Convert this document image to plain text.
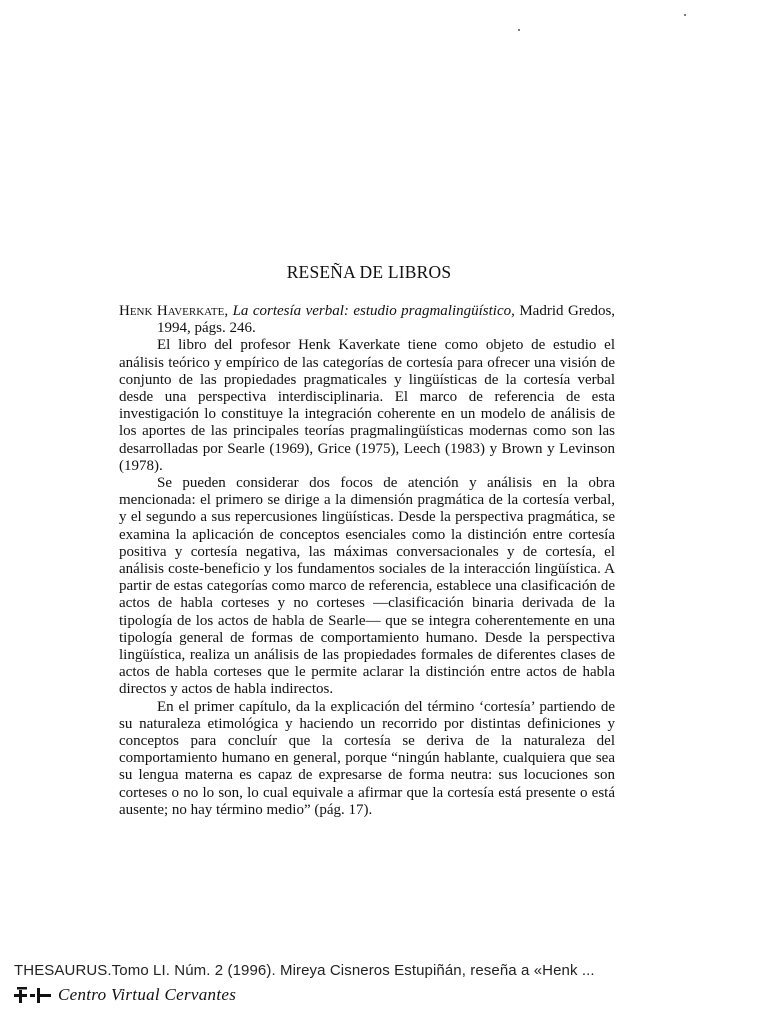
RESEÑA DE LIBROS

Henk Haverkate, La cortesía verbal: estudio pragmalingüístico, Madrid Gredos, 1994, págs. 246.

El libro del profesor Henk Kaverkate tiene como objeto de estudio el análisis teórico y empírico de las categorías de cortesía para ofrecer una visión de conjunto de las propiedades pragmaticales y lingüísticas de la cortesía verbal desde una perspectiva interdisciplinaria. El marco de referencia de esta investigación lo constituye la integración coherente en un modelo de análisis de los aportes de las principales teorías pragmalingüísticas modernas como son las desarrolladas por Searle (1969), Grice (1975), Leech (1983) y Brown y Levinson (1978).

Se pueden considerar dos focos de atención y análisis en la obra mencionada: el primero se dirige a la dimensión pragmática de la cortesía verbal, y el segundo a sus repercusiones lingüísticas. Desde la perspectiva pragmática, se examina la aplicación de conceptos esenciales como la distinción entre cortesía positiva y cortesía negativa, las máximas conversacionales y de cortesía, el análisis coste-beneficio y los fundamentos sociales de la interacción lingüística. A partir de estas categorías como marco de referencia, establece una clasificación de actos de habla corteses y no corteses —clasificación binaria derivada de la tipología de los actos de habla de Searle— que se integra coherentemente en una tipología general de formas de comportamiento humano. Desde la perspectiva lingüística, realiza un análisis de las propiedades formales de diferentes clases de actos de habla corteses que le permite aclarar la distinción entre actos de habla directos y actos de habla indirectos.

En el primer capítulo, da la explicación del término ‘cortesía’ partiendo de su naturaleza etimológica y haciendo un recorrido por distintas definiciones y conceptos para concluír que la cortesía se deriva de la naturaleza del comportamiento humano en general, porque “ningún hablante, cualquiera que sea su lengua materna es capaz de expresarse de forma neutra: sus locuciones son corteses o no lo son, lo cual equivale a afirmar que la cortesía está presente o está ausente; no hay término medio” (pág. 17).

THESAURUS.Tomo LI. Núm. 2 (1996). Mireya Cisneros Estupiñán, reseña a «Henk ...
Centro Virtual Cervantes
